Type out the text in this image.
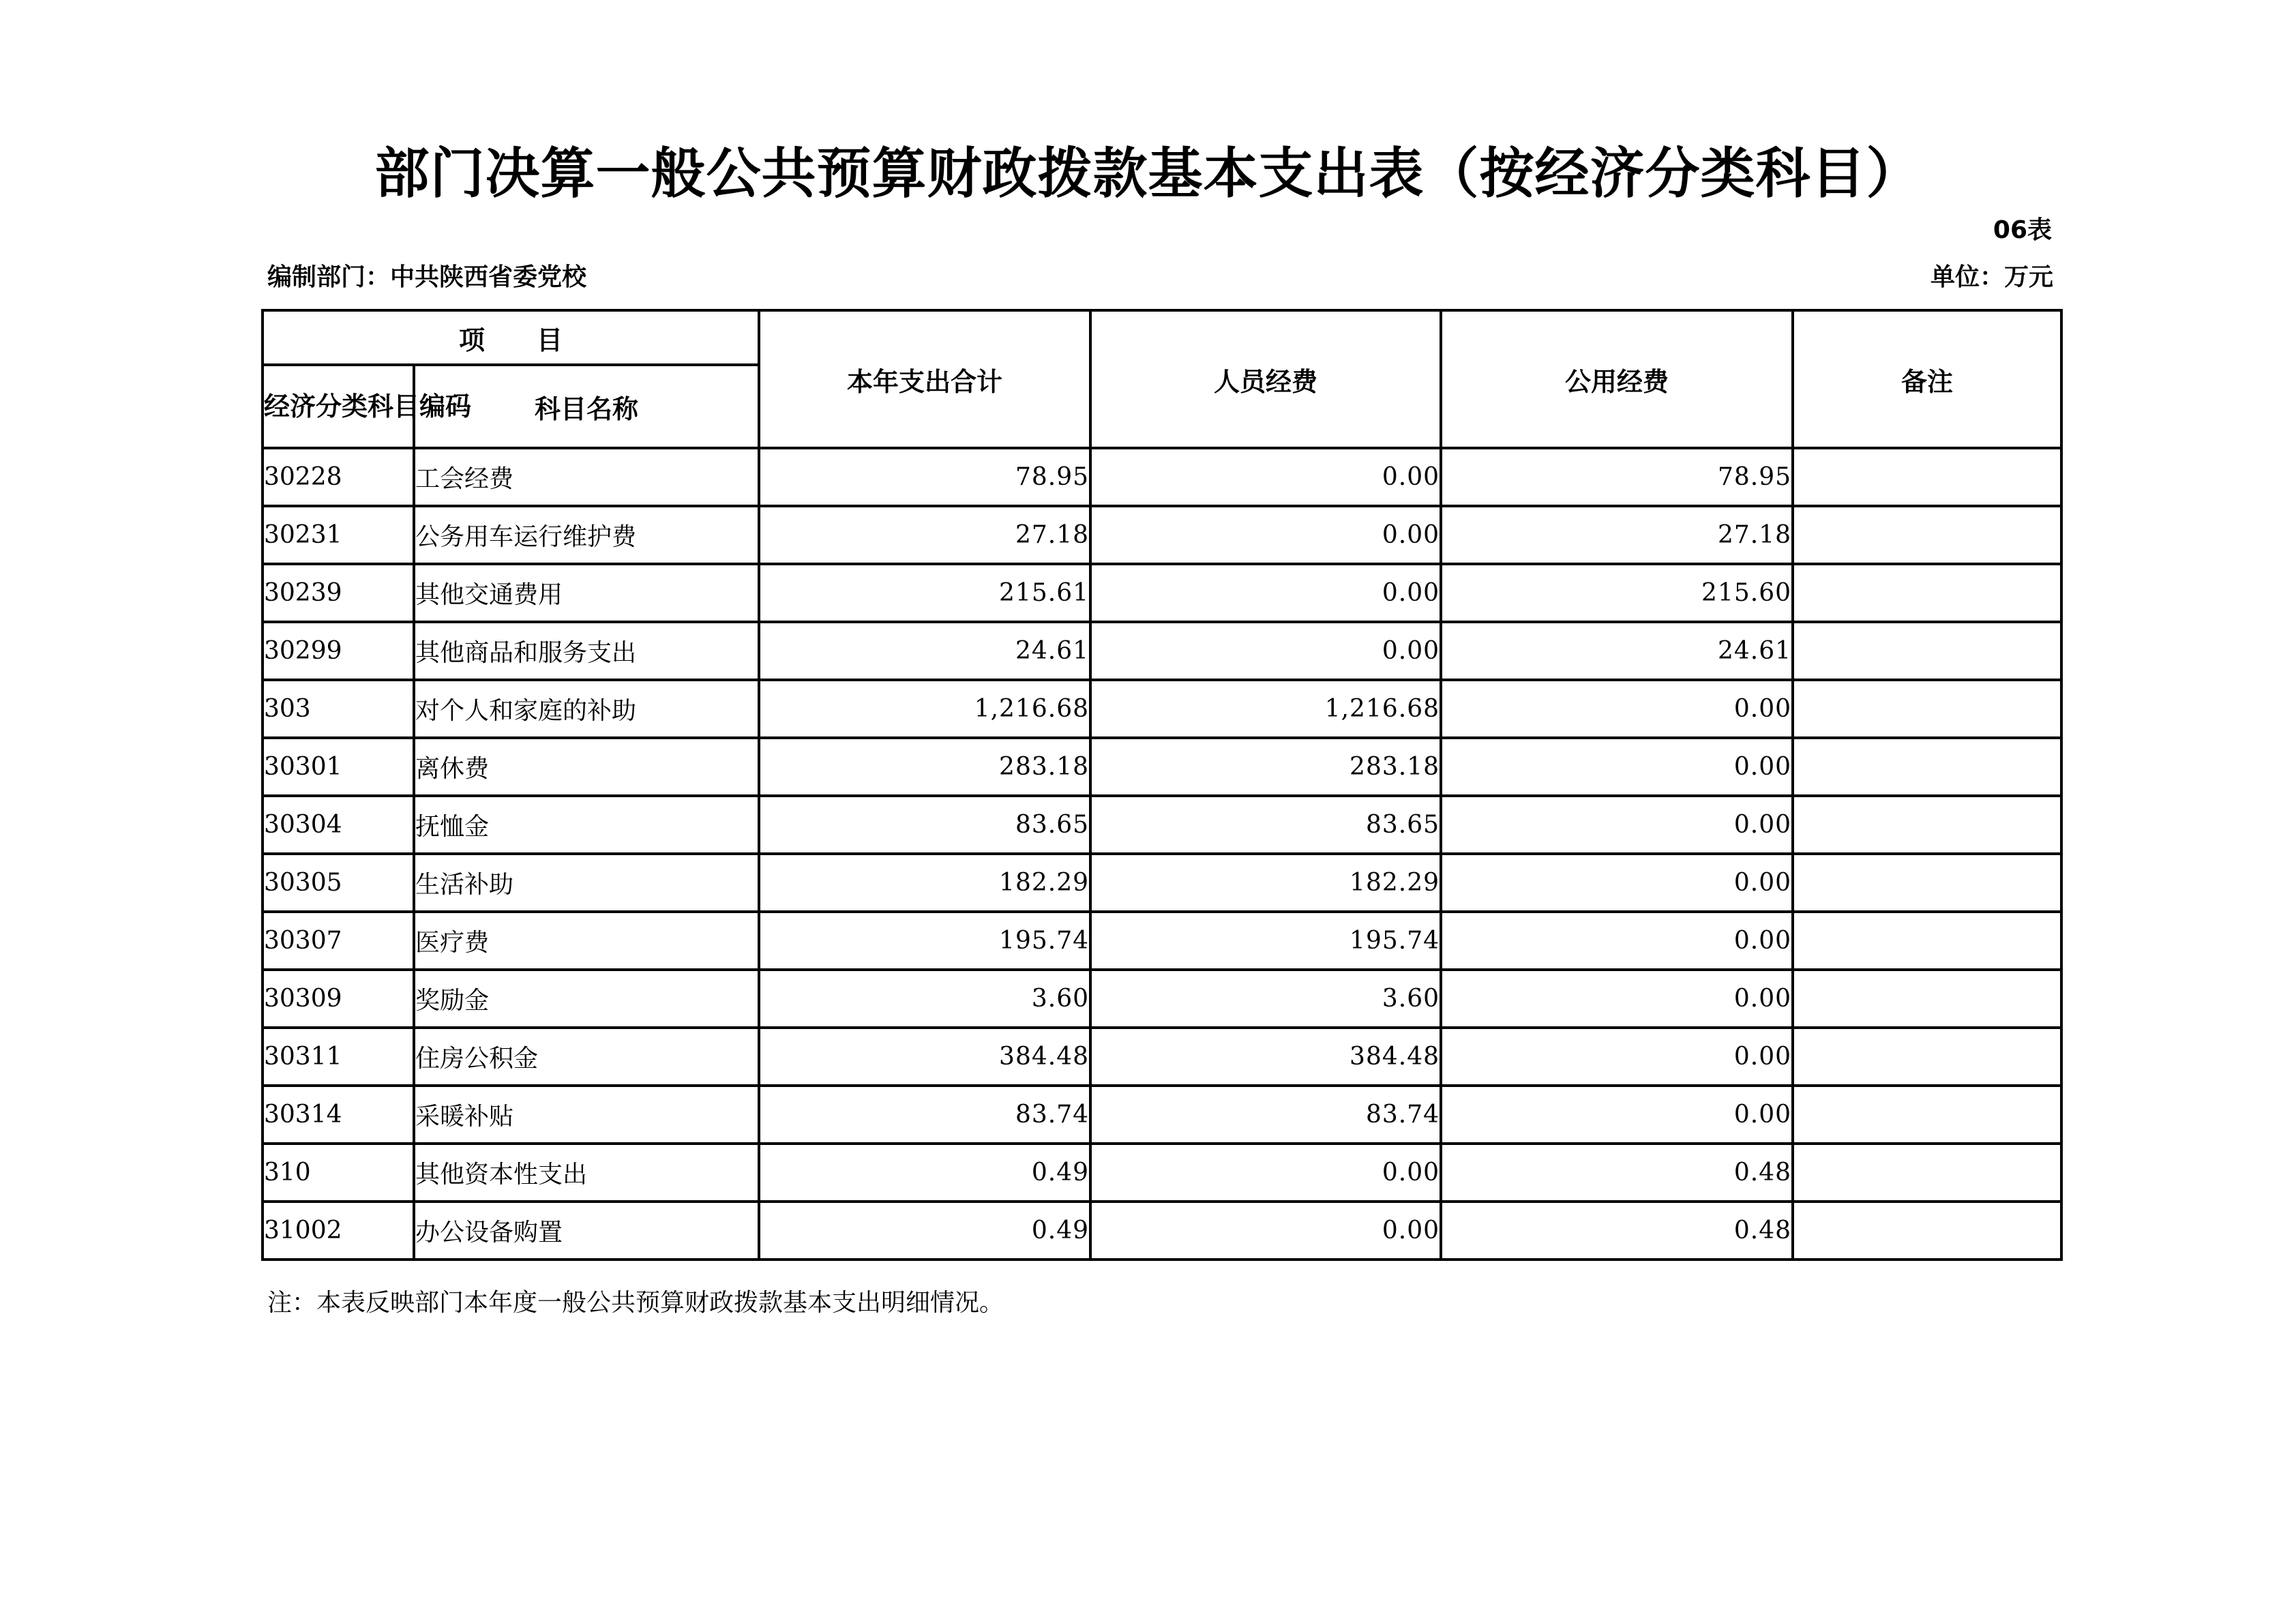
部门决算一般公共预算财政拨款基本支出表（按经济分类科目）
06表
编制部门：中共陕西省委党校	单位：万元
项　　目		本年支出合计	人员经费	公用经费	备注
经济分类科目编码	科目名称				
30228	工会经费	78.95	0.00	78.95	
30231	公务用车运行维护费	27.18	0.00	27.18	
30239	其他交通费用	215.61	0.00	215.60	
30299	其他商品和服务支出	24.61	0.00	24.61	
303	对个人和家庭的补助	1,216.68	1,216.68	0.00	
30301	离休费	283.18	283.18	0.00	
30304	抚恤金	83.65	83.65	0.00	
30305	生活补助	182.29	182.29	0.00	
30307	医疗费	195.74	195.74	0.00	
30309	奖励金	3.60	3.60	0.00	
30311	住房公积金	384.48	384.48	0.00	
30314	采暖补贴	83.74	83.74	0.00	
310	其他资本性支出	0.49	0.00	0.48	
31002	办公设备购置	0.49	0.00	0.48	
注：本表反映部门本年度一般公共预算财政拨款基本支出明细情况。
